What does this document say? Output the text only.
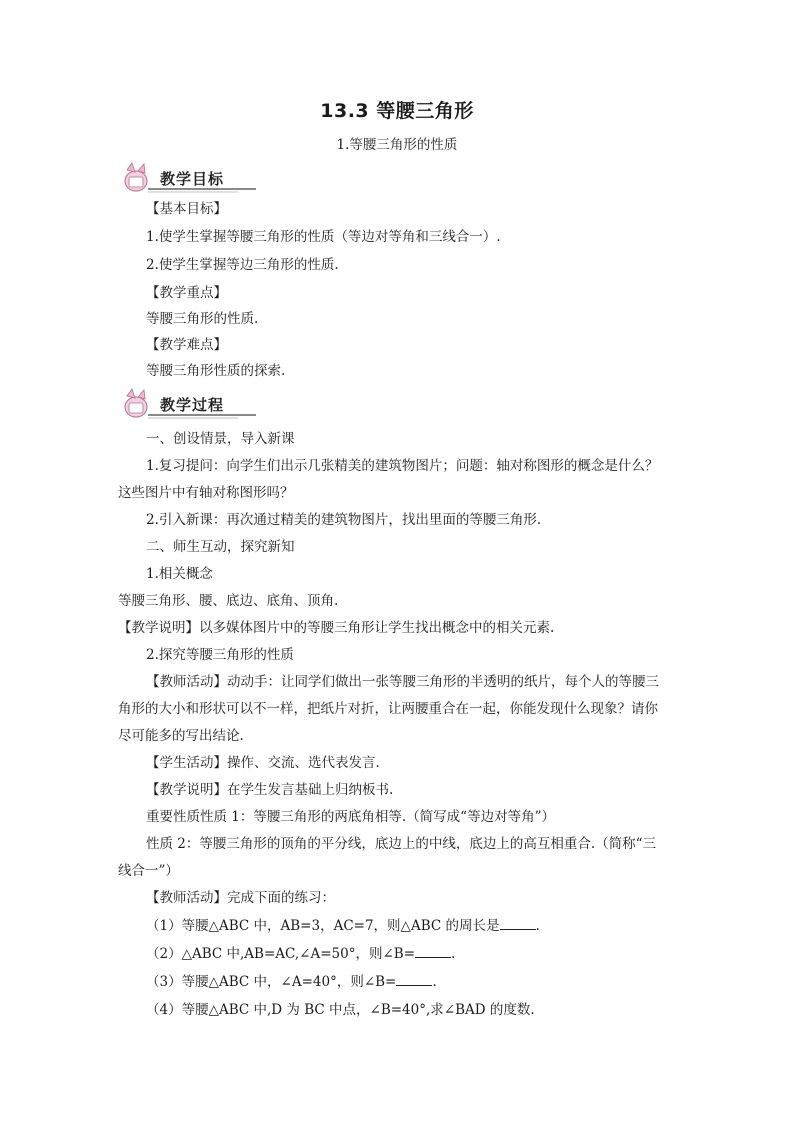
13.3 等腰三角形
1.等腰三角形的性质
教学目标
【基本目标】
1.使学生掌握等腰三角形的性质（等边对等角和三线合一）.
2.使学生掌握等边三角形的性质.
【教学重点】
等腰三角形的性质.
【教学难点】
等腰三角形性质的探索.
教学过程
一、创设情景，导入新课
1.复习提问：向学生们出示几张精美的建筑物图片；问题：轴对称图形的概念是什么？
这些图片中有轴对称图形吗？
2.引入新课：再次通过精美的建筑物图片，找出里面的等腰三角形.
二、师生互动，探究新知
1.相关概念
等腰三角形、腰、底边、底角、顶角.
【教学说明】以多媒体图片中的等腰三角形让学生找出概念中的相关元素.
2.探究等腰三角形的性质
【教师活动】动动手：让同学们做出一张等腰三角形的半透明的纸片，每个人的等腰三
角形的大小和形状可以不一样，把纸片对折，让两腰重合在一起，你能发现什么现象？请你
尽可能多的写出结论.
【学生活动】操作、交流、选代表发言.
【教学说明】在学生发言基础上归纳板书.
重要性质性质 1：等腰三角形的两底角相等.（简写成“等边对等角”）
性质 2：等腰三角形的顶角的平分线，底边上的中线，底边上的高互相重合.（简称“三
线合一”）
【教师活动】完成下面的练习：
（1）等腰△ABC 中，AB=3，AC=7，则△ABC 的周长是	.
（2）△ABC 中,AB=AC,∠A=50°，则∠B=	.
（3）等腰△ABC 中，∠A=40°，则∠B=	.
（4）等腰△ABC 中,D 为 BC 中点，∠B=40°,求∠BAD 的度数.
